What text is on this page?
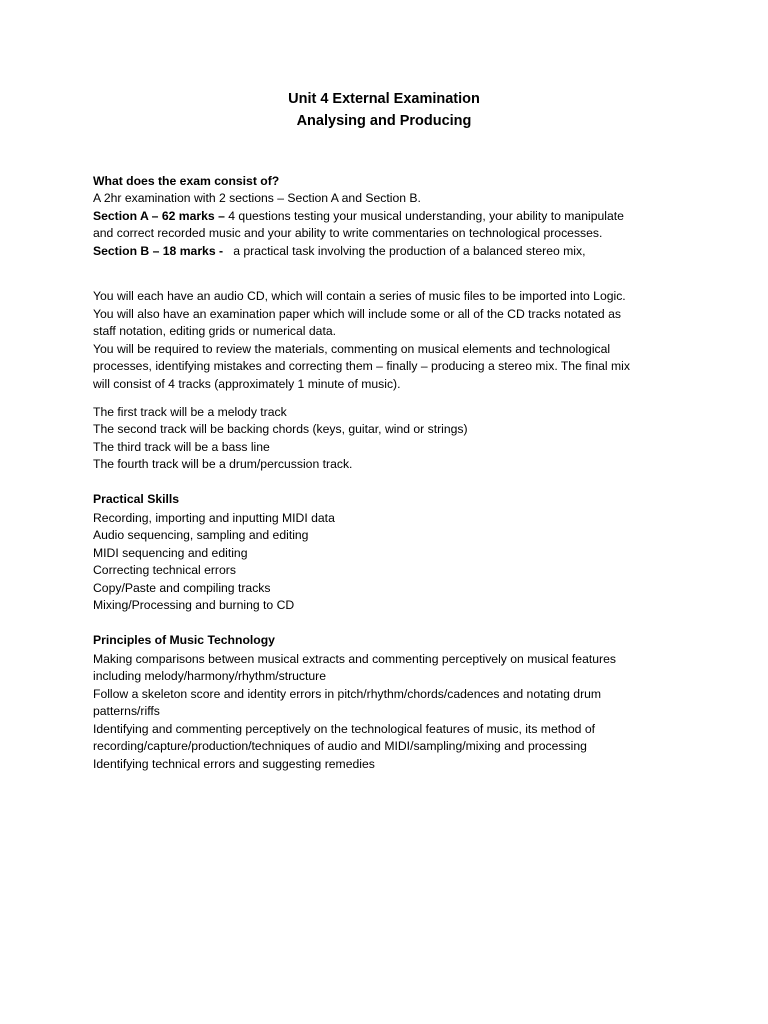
Unit 4 External Examination
Analysing and Producing
What does the exam consist of?
A 2hr examination with 2 sections – Section A and Section B.
Section A – 62 marks – 4 questions testing your musical understanding, your ability to manipulate
and correct recorded music and your ability to write commentaries on technological processes.
Section B – 18 marks -   a practical task involving the production of a balanced stereo mix,
You will each have an audio CD, which will contain a series of music files to be imported into Logic.
You will also have an examination paper which will include some or all of the CD tracks notated as
staff notation, editing grids or numerical data.
You will be required to review the materials, commenting on musical elements and technological
processes, identifying mistakes and correcting them – finally – producing a stereo mix. The final mix
will consist of 4 tracks (approximately 1 minute of music).
The first track will be a melody track
The second track will be backing chords (keys, guitar, wind or strings)
The third track will be a bass line
The fourth track will be a drum/percussion track.
Practical Skills
Recording, importing and inputting MIDI data
Audio sequencing, sampling and editing
MIDI sequencing and editing
Correcting technical errors
Copy/Paste and compiling tracks
Mixing/Processing and burning to CD
Principles of Music Technology
Making comparisons between musical extracts and commenting perceptively on musical features
including melody/harmony/rhythm/structure
Follow a skeleton score and identity errors in pitch/rhythm/chords/cadences and notating drum
patterns/riffs
Identifying and commenting perceptively on the technological features of music, its method of
recording/capture/production/techniques of audio and MIDI/sampling/mixing and processing
Identifying technical errors and suggesting remedies
